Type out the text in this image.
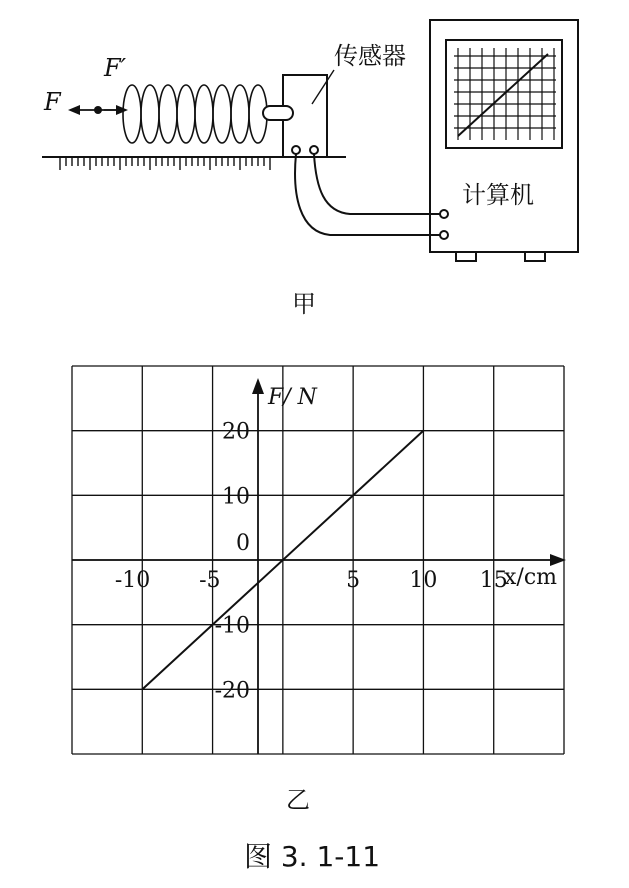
F
F′	传感器
计算机
甲
20
10
0
-10
-20
-10 -5	5 10 15
F/ N
x/cm
乙
图 3. 1-11
